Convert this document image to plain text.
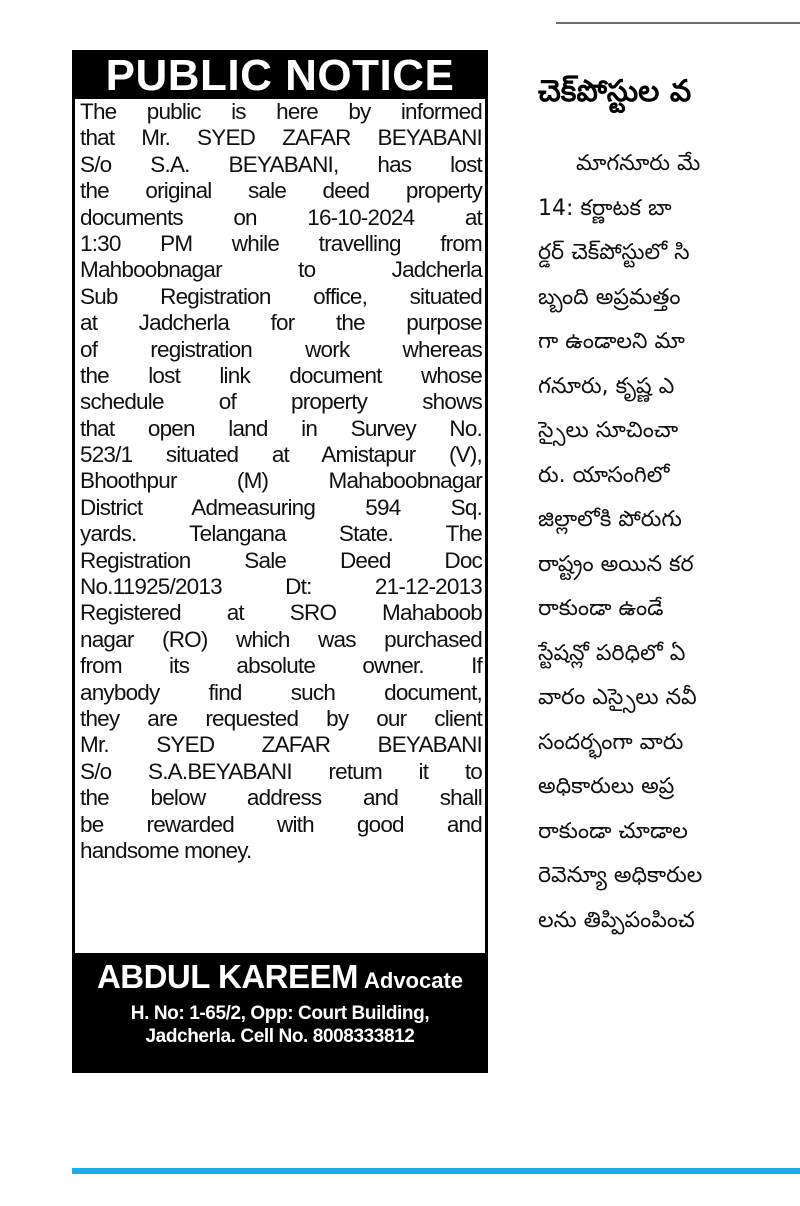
PUBLIC NOTICE
The public is here by informed
that Mr. SYED ZAFAR BEYABANI
S/o S.A. BEYABANI, has lost
the original sale deed property
documents on 16-10-2024 at
1:30 PM while travelling from
Mahboobnagar to Jadcherla
Sub Registration office, situated
at Jadcherla for the purpose
of registration work whereas
the lost link document whose
schedule of property shows
that open land in Survey No.
523/1 situated at Amistapur (V),
Bhoothpur (M) Mahaboobnagar
District Admeasuring 594 Sq.
yards. Telangana State. The
Registration Sale Deed Doc
No.11925/2013 Dt: 21-12-2013
Registered at SRO Mahaboob
nagar (RO) which was purchased
from its absolute owner. If
anybody find such document,
they are requested by our client
Mr. SYED ZAFAR BEYABANI
S/o S.A.BEYABANI retum it to
the below address and shall
be rewarded with good and
handsome money.
ABDUL KAREEM Advocate
H. No: 1-65/2, Opp: Court Building,
Jadcherla. Cell No. 8008333812
చెక్‌పోస్టుల వ
మాగనూరు మే
14: కర్ణాటక బా
ర్డర్ చెక్‌పోస్టులో సి
బ్బంది అప్రమత్తం
గా ఉండాలని మా
గనూరు, కృష్ణ ఎ
స్సైలు సూచించా
రు. యాసంగిలో
జిల్లాలోకి పోరుగు
రాష్ట్రం అయిన కర
రాకుండా ఉండే
స్టేషన్లో పరిధిలో ఏ
వారం ఎస్సైలు నవీ
సందర్భంగా వారు
అధికారులు అప్ర
రాకుండా చూడాల
రెవెన్యూ అధికారుల
లను తిప్పిపంపించ
